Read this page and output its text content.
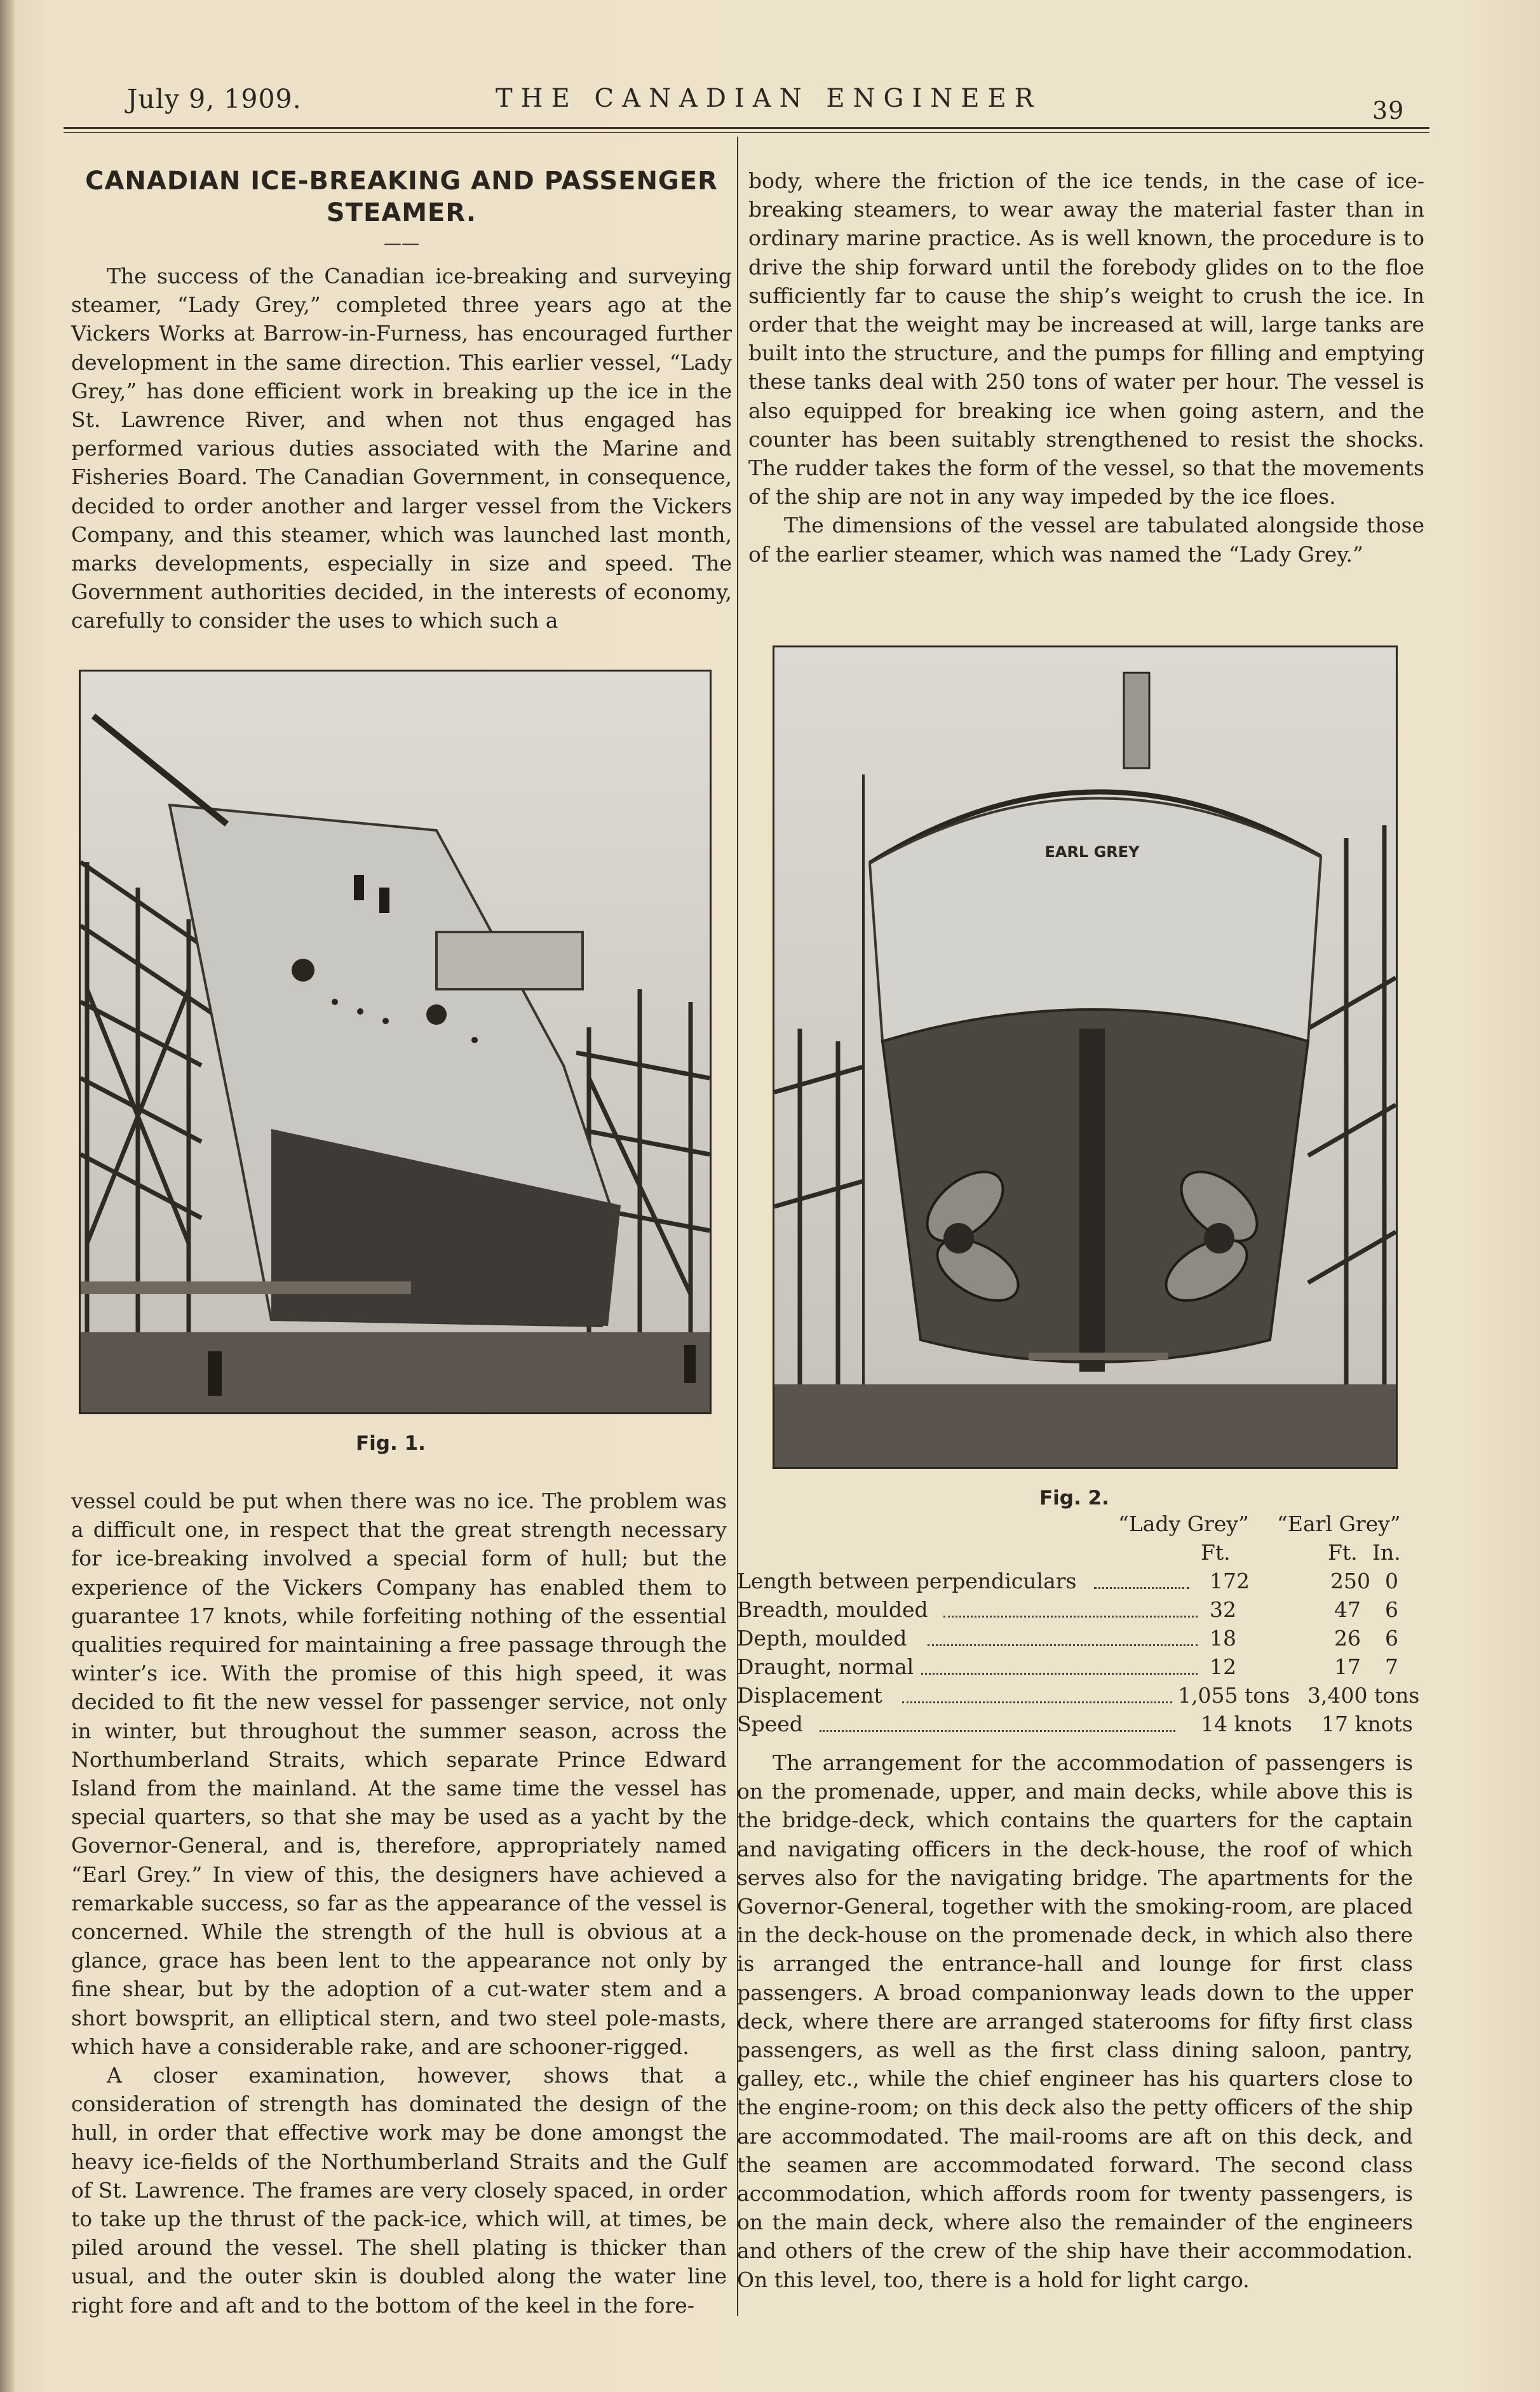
July 9, 1909.	THE CANADIAN ENGINEER	39
CANADIAN ICE-BREAKING AND PASSENGER
STEAMER.
——

The success of the Canadian ice-breaking and surveying steamer, “Lady Grey,” completed three years ago at the Vickers Works at Barrow-in-Furness, has encouraged further development in the same direction. This earlier vessel, “Lady Grey,” has done efficient work in breaking up the ice in the St. Lawrence River, and when not thus engaged has performed various duties associated with the Marine and Fisheries Board. The Canadian Government, in consequence, decided to order another and larger vessel from the Vickers Company, and this steamer, which was launched last month, marks developments, especially in size and speed. The Government authorities decided, in the interests of economy, carefully to consider the uses to which such a

Fig. 1.

vessel could be put when there was no ice. The problem was a difficult one, in respect that the great strength necessary for ice-breaking involved a special form of hull; but the experience of the Vickers Company has enabled them to guarantee 17 knots, while forfeiting nothing of the essential qualities required for maintaining a free passage through the winter’s ice. With the promise of this high speed, it was decided to fit the new vessel for passenger service, not only in winter, but throughout the summer season, across the Northumberland Straits, which separate Prince Edward Island from the mainland. At the same time the vessel has special quarters, so that she may be used as a yacht by the Governor-General, and is, therefore, appropriately named “Earl Grey.” In view of this, the designers have achieved a remarkable success, so far as the appearance of the vessel is concerned. While the strength of the hull is obvious at a glance, grace has been lent to the appearance not only by fine shear, but by the adoption of a cut-water stem and a short bowsprit, an elliptical stern, and two steel pole-masts, which have a considerable rake, and are schooner-rigged.

A closer examination, however, shows that a consideration of strength has dominated the design of the hull, in order that effective work may be done amongst the heavy ice-fields of the Northumberland Straits and the Gulf of St. Lawrence. The frames are very closely spaced, in order to take up the thrust of the pack-ice, which will, at times, be piled around the vessel. The shell plating is thicker than usual, and the outer skin is doubled along the water line right fore and aft and to the bottom of the keel in the fore-

body, where the friction of the ice tends, in the case of ice-breaking steamers, to wear away the material faster than in ordinary marine practice. As is well known, the procedure is to drive the ship forward until the forebody glides on to the floe sufficiently far to cause the ship’s weight to crush the ice. In order that the weight may be increased at will, large tanks are built into the structure, and the pumps for filling and emptying these tanks deal with 250 tons of water per hour. The vessel is also equipped for breaking ice when going astern, and the counter has been suitably strengthened to resist the shocks. The rudder takes the form of the vessel, so that the movements of the ship are not in any way impeded by the ice floes.

The dimensions of the vessel are tabulated alongside those of the earlier steamer, which was named the “Lady Grey.”

EARL GREY
Fig. 2.
“Lady Grey” “Earl Grey”
Ft.	Ft. In.
Length between perpendiculars	172	250 0
Breadth, moulded	32	47 6
Depth, moulded	18	26 6
Draught, normal	12	17 7
Displacement	1,055 tons 3,400 tons
Speed	14 knots 17 knots

The arrangement for the accommodation of passengers is on the promenade, upper, and main decks, while above this is the bridge-deck, which contains the quarters for the captain and navigating officers in the deck-house, the roof of which serves also for the navigating bridge. The apartments for the Governor-General, together with the smoking-room, are placed in the deck-house on the promenade deck, in which also there is arranged the entrance-hall and lounge for first class passengers. A broad companionway leads down to the upper deck, where there are arranged staterooms for fifty first class passengers, as well as the first class dining saloon, pantry, galley, etc., while the chief engineer has his quarters close to the engine-room; on this deck also the petty officers of the ship are accommodated. The mail-rooms are aft on this deck, and the seamen are accommodated forward. The second class accommodation, which affords room for twenty passengers, is on the main deck, where also the remainder of the engineers and others of the crew of the ship have their accommodation. On this level, too, there is a hold for light cargo.
